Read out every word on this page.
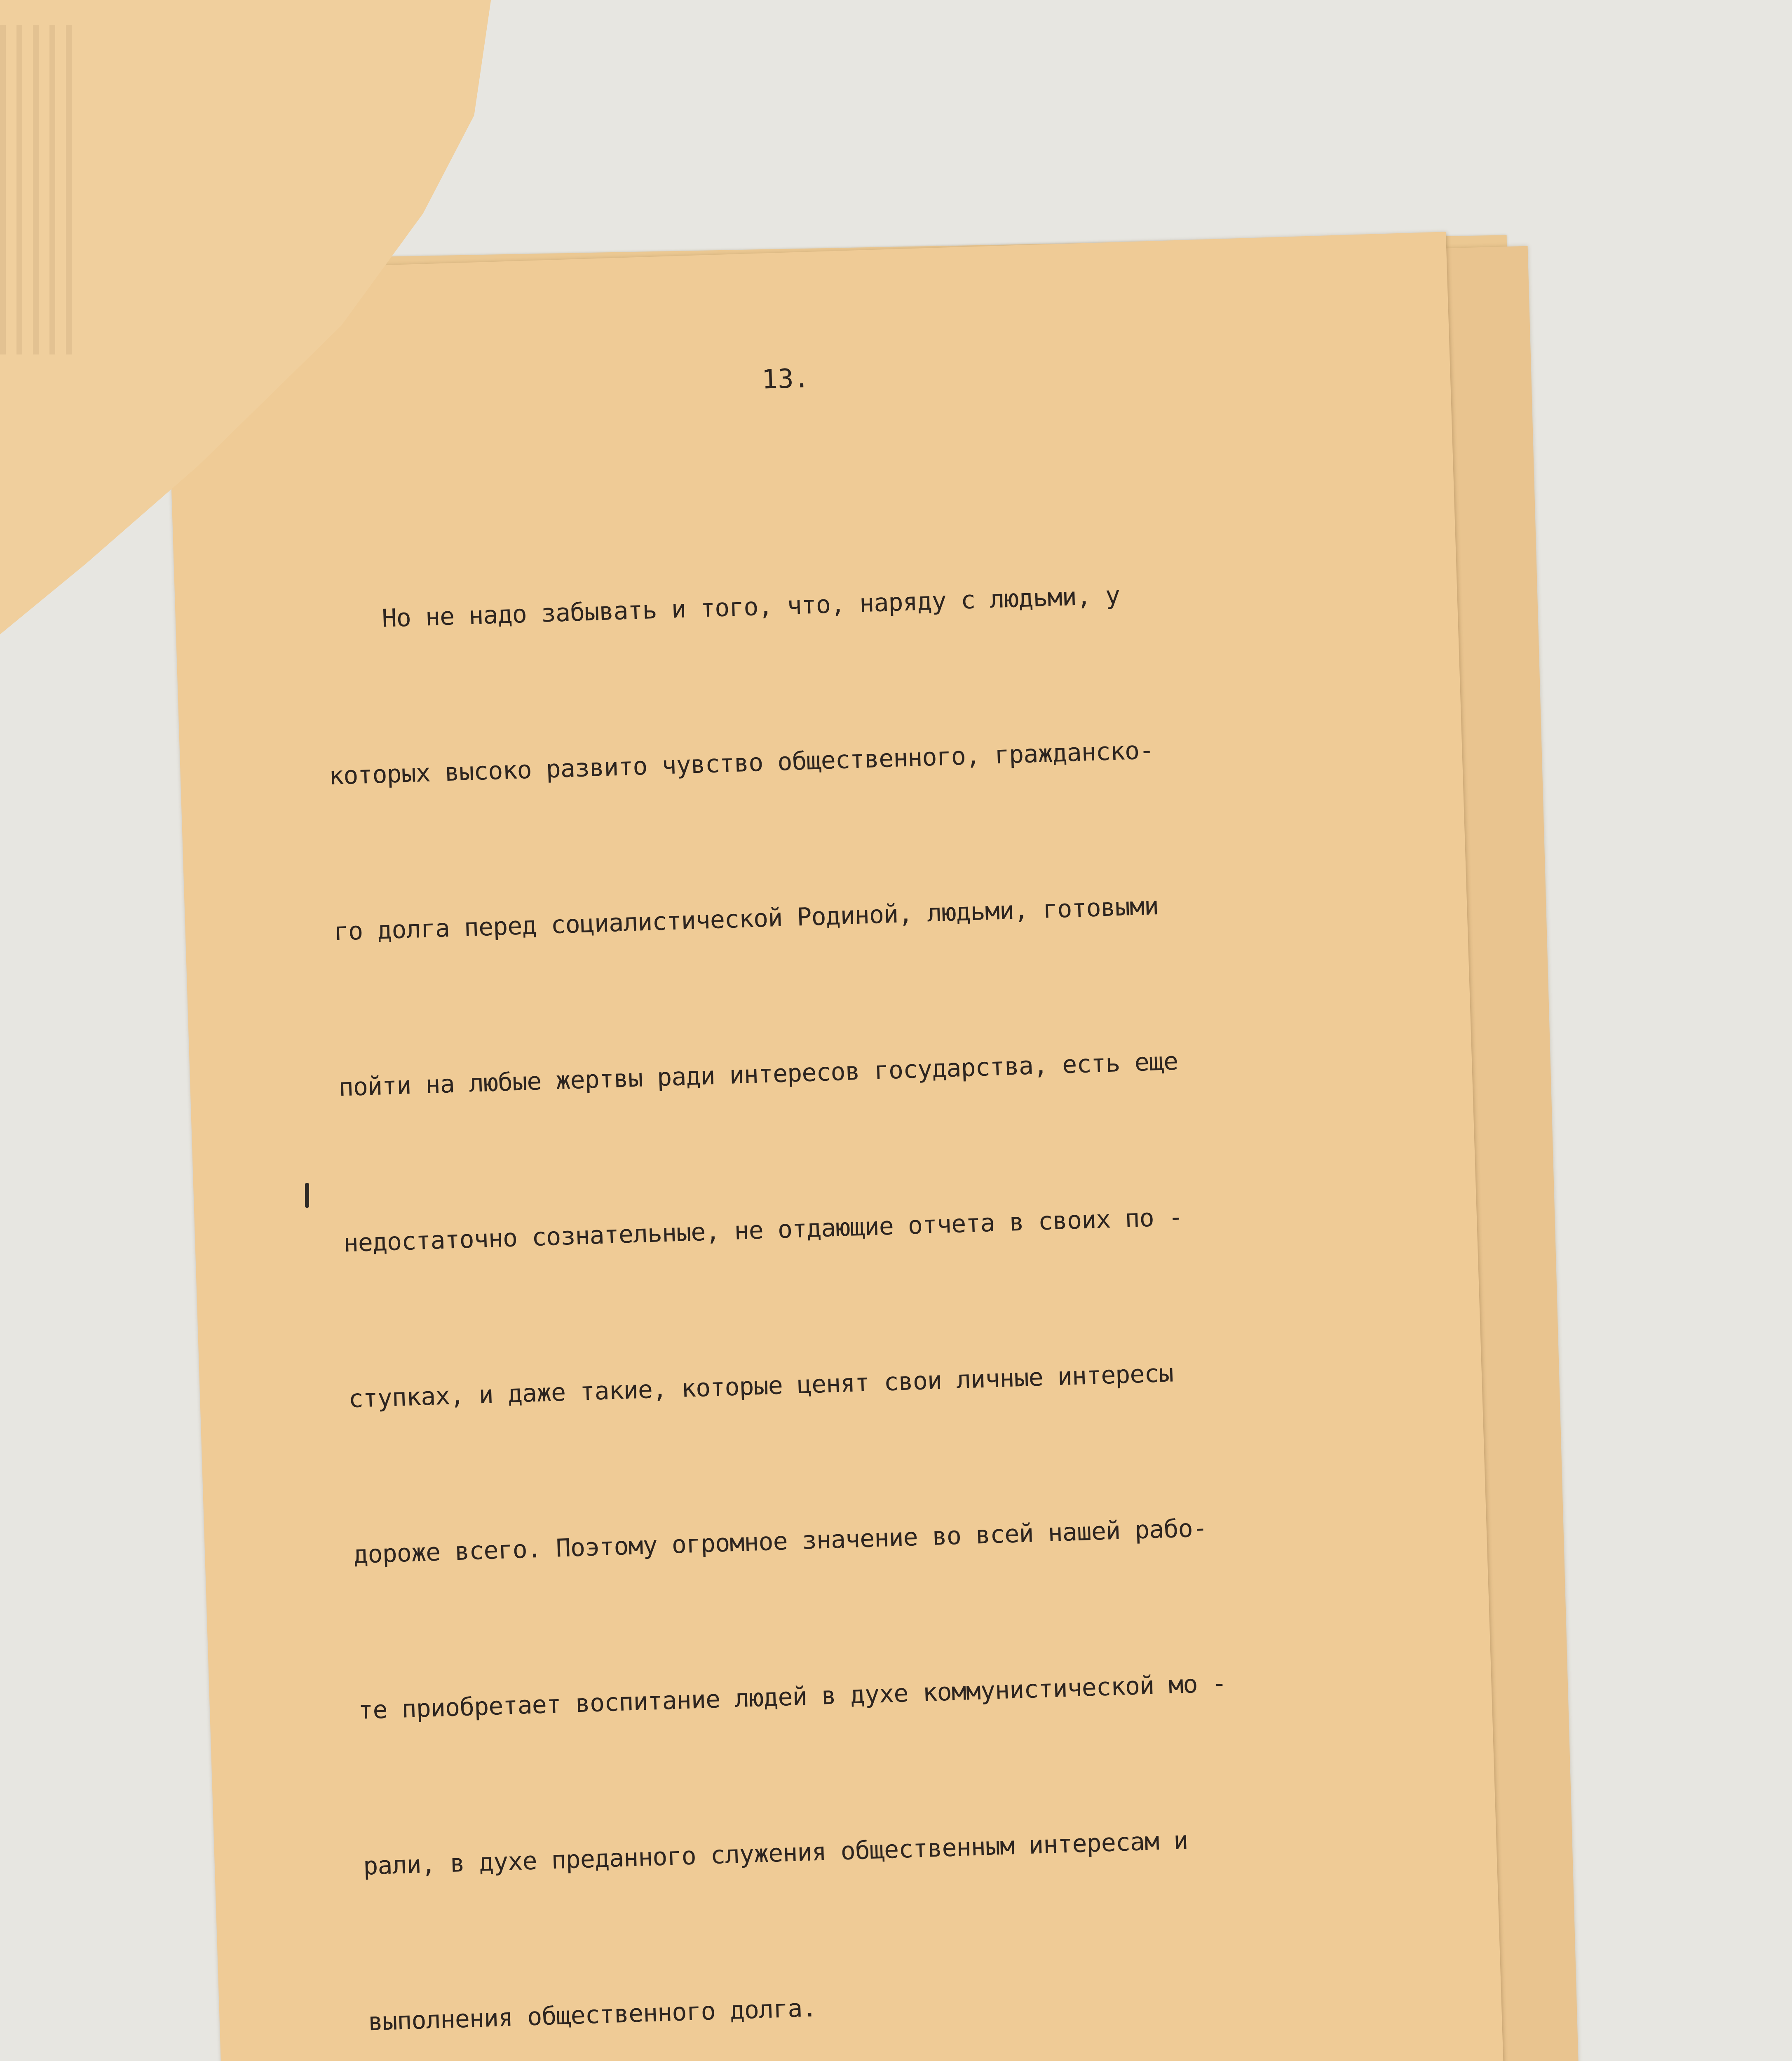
13.

Но не надо забывать и того, что, наряду с людьми, у

которых высоко развито чувство общественного, гражданско-

го долга перед социалистической Родиной, людьми, готовыми

пойти на любые жертвы ради интересов государства, есть еще

недостаточно сознательные, не отдающие отчета в своих по -

ступках, и даже такие, которые ценят свои личные интересы

дороже всего. Поэтому огромное значение во всей нашей рабо-

те приобретает воспитание людей в духе коммунистической мо -

рали, в духе преданного служения общественным интересам и

выполнения общественного долга.
